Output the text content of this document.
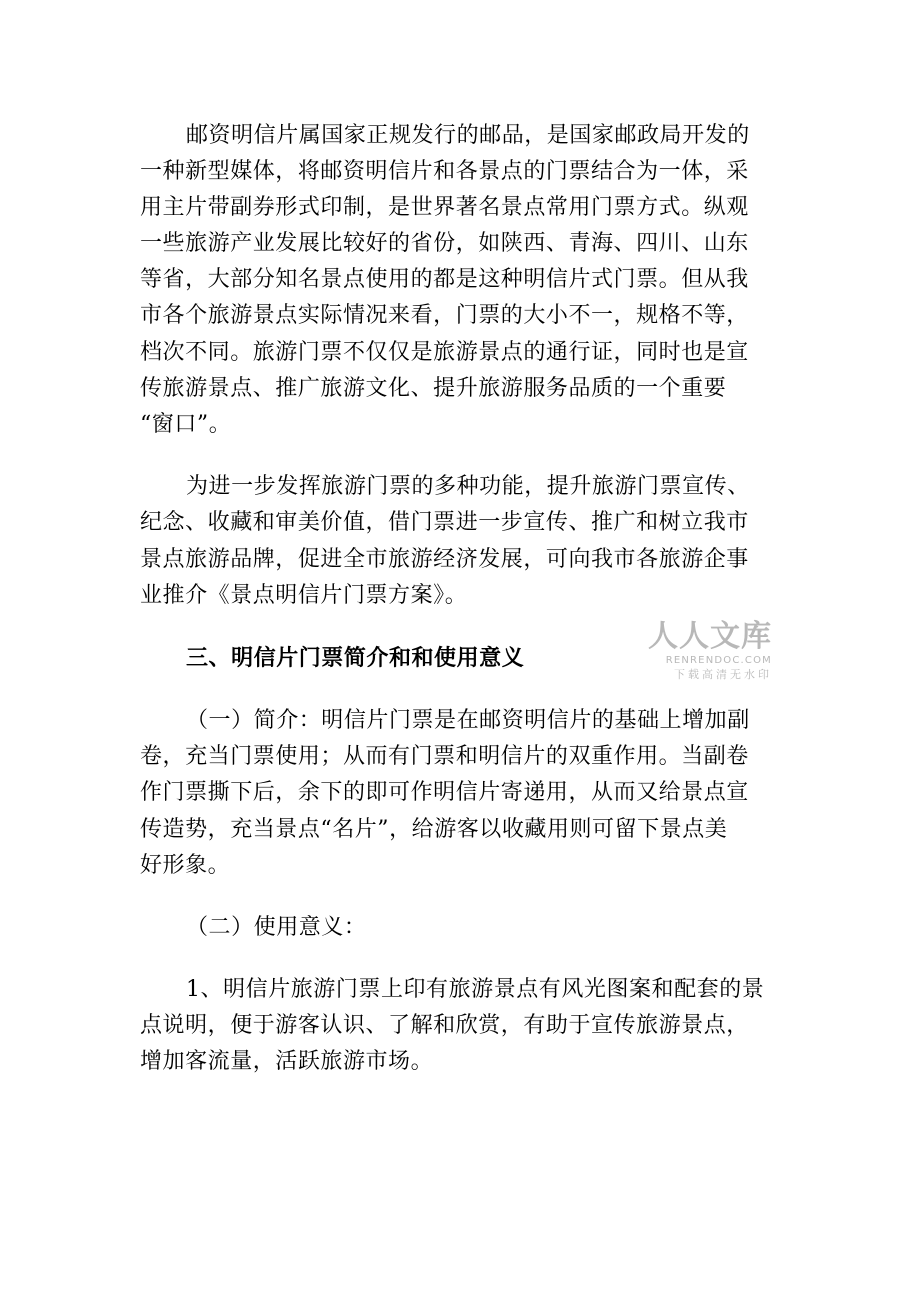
邮资明信片属国家正规发行的邮品，是国家邮政局开发的

一种新型媒体，将邮资明信片和各景点的门票结合为一体，采

用主片带副券形式印制，是世界著名景点常用门票方式。纵观

一些旅游产业发展比较好的省份，如陕西、青海、四川、山东

等省，大部分知名景点使用的都是这种明信片式门票。但从我

市各个旅游景点实际情况来看，门票的大小不一，规格不等，

档次不同。旅游门票不仅仅是旅游景点的通行证，同时也是宣

传旅游景点、推广旅游文化、提升旅游服务品质的一个重要

“窗口”。

为进一步发挥旅游门票的多种功能，提升旅游门票宣传、

纪念、收藏和审美价值，借门票进一步宣传、推广和树立我市

景点旅游品牌，促进全市旅游经济发展，可向我市各旅游企事

业推介《景点明信片门票方案》。

三、明信片门票简介和和使用意义

（一）简介：明信片门票是在邮资明信片的基础上增加副

卷，充当门票使用；从而有门票和明信片的双重作用。当副卷

作门票撕下后，余下的即可作明信片寄递用，从而又给景点宣

传造势，充当景点“名片”，给游客以收藏用则可留下景点美

好形象。

（二）使用意义：

1、明信片旅游门票上印有旅游景点有风光图案和配套的景

点说明，便于游客认识、了解和欣赏，有助于宣传旅游景点，

增加客流量，活跃旅游市场。

人人文库
RENRENDOC.COM
下载高清无水印
